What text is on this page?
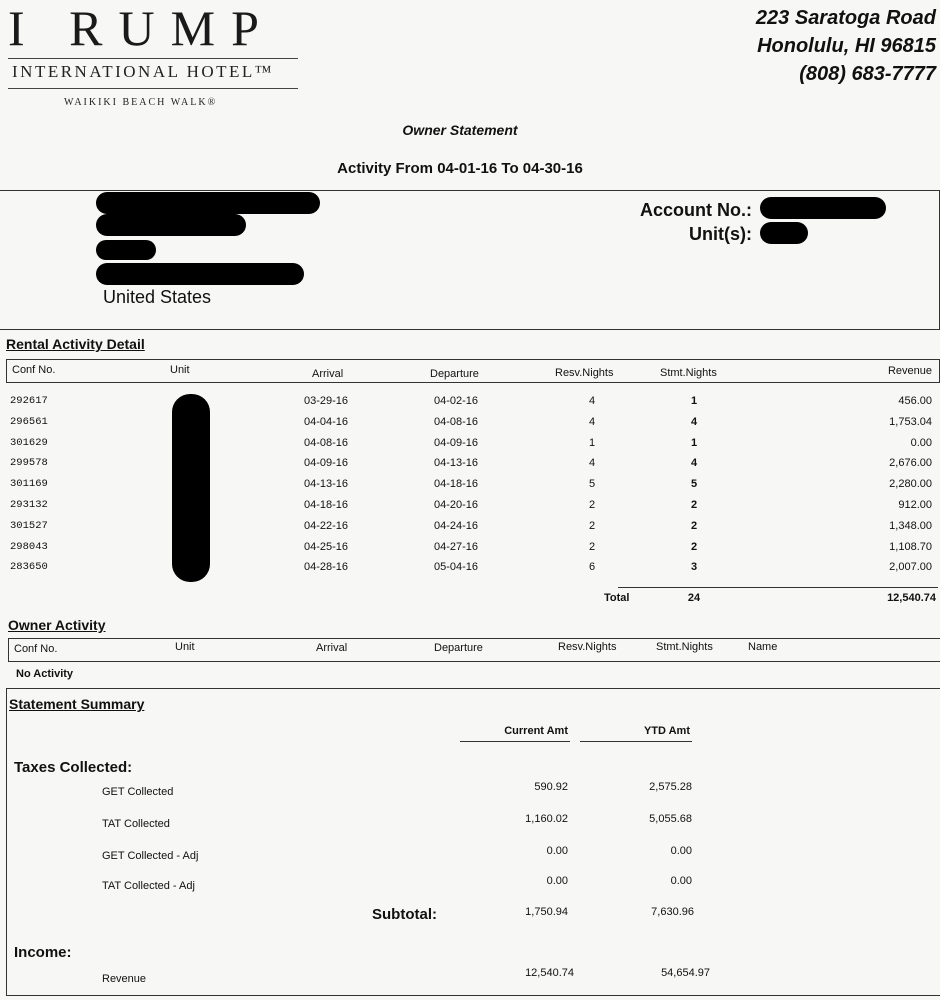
I RUMP
INTERNATIONAL HOTEL™
WAIKIKI BEACH WALK®
223 Saratoga Road
Honolulu, HI 96815
(808) 683-7777
Owner Statement
Activity From 04-01-16 To 04-30-16
United States
Account No.:
Unit(s):
Rental Activity Detail
Conf No.	Unit	Arrival	Departure	Resv.Nights	Stmt.Nights	Revenue
292617	03-29-16	04-02-16	4	1	456.00
296561	04-04-16	04-08-16	4	4	1,753.04
301629	04-08-16	04-09-16	1	1	0.00
299578	04-09-16	04-13-16	4	4	2,676.00
301169	04-13-16	04-18-16	5	5	2,280.00
293132	04-18-16	04-20-16	2	2	912.00
301527	04-22-16	04-24-16	2	2	1,348.00
298043	04-25-16	04-27-16	2	2	1,108.70
283650	04-28-16	05-04-16	6	3	2,007.00
Total	24	12,540.74
Owner Activity
Conf No.	Unit	Arrival	Departure	Resv.Nights	Stmt.Nights	Name
No Activity
Statement Summary
Current Amt	YTD Amt
Taxes Collected:
GET Collected	590.92	2,575.28
TAT Collected	1,160.02	5,055.68
GET Collected - Adj	0.00	0.00
TAT Collected - Adj	0.00	0.00
Subtotal:	1,750.94	7,630.96
Income:
Revenue	12,540.74	54,654.97
